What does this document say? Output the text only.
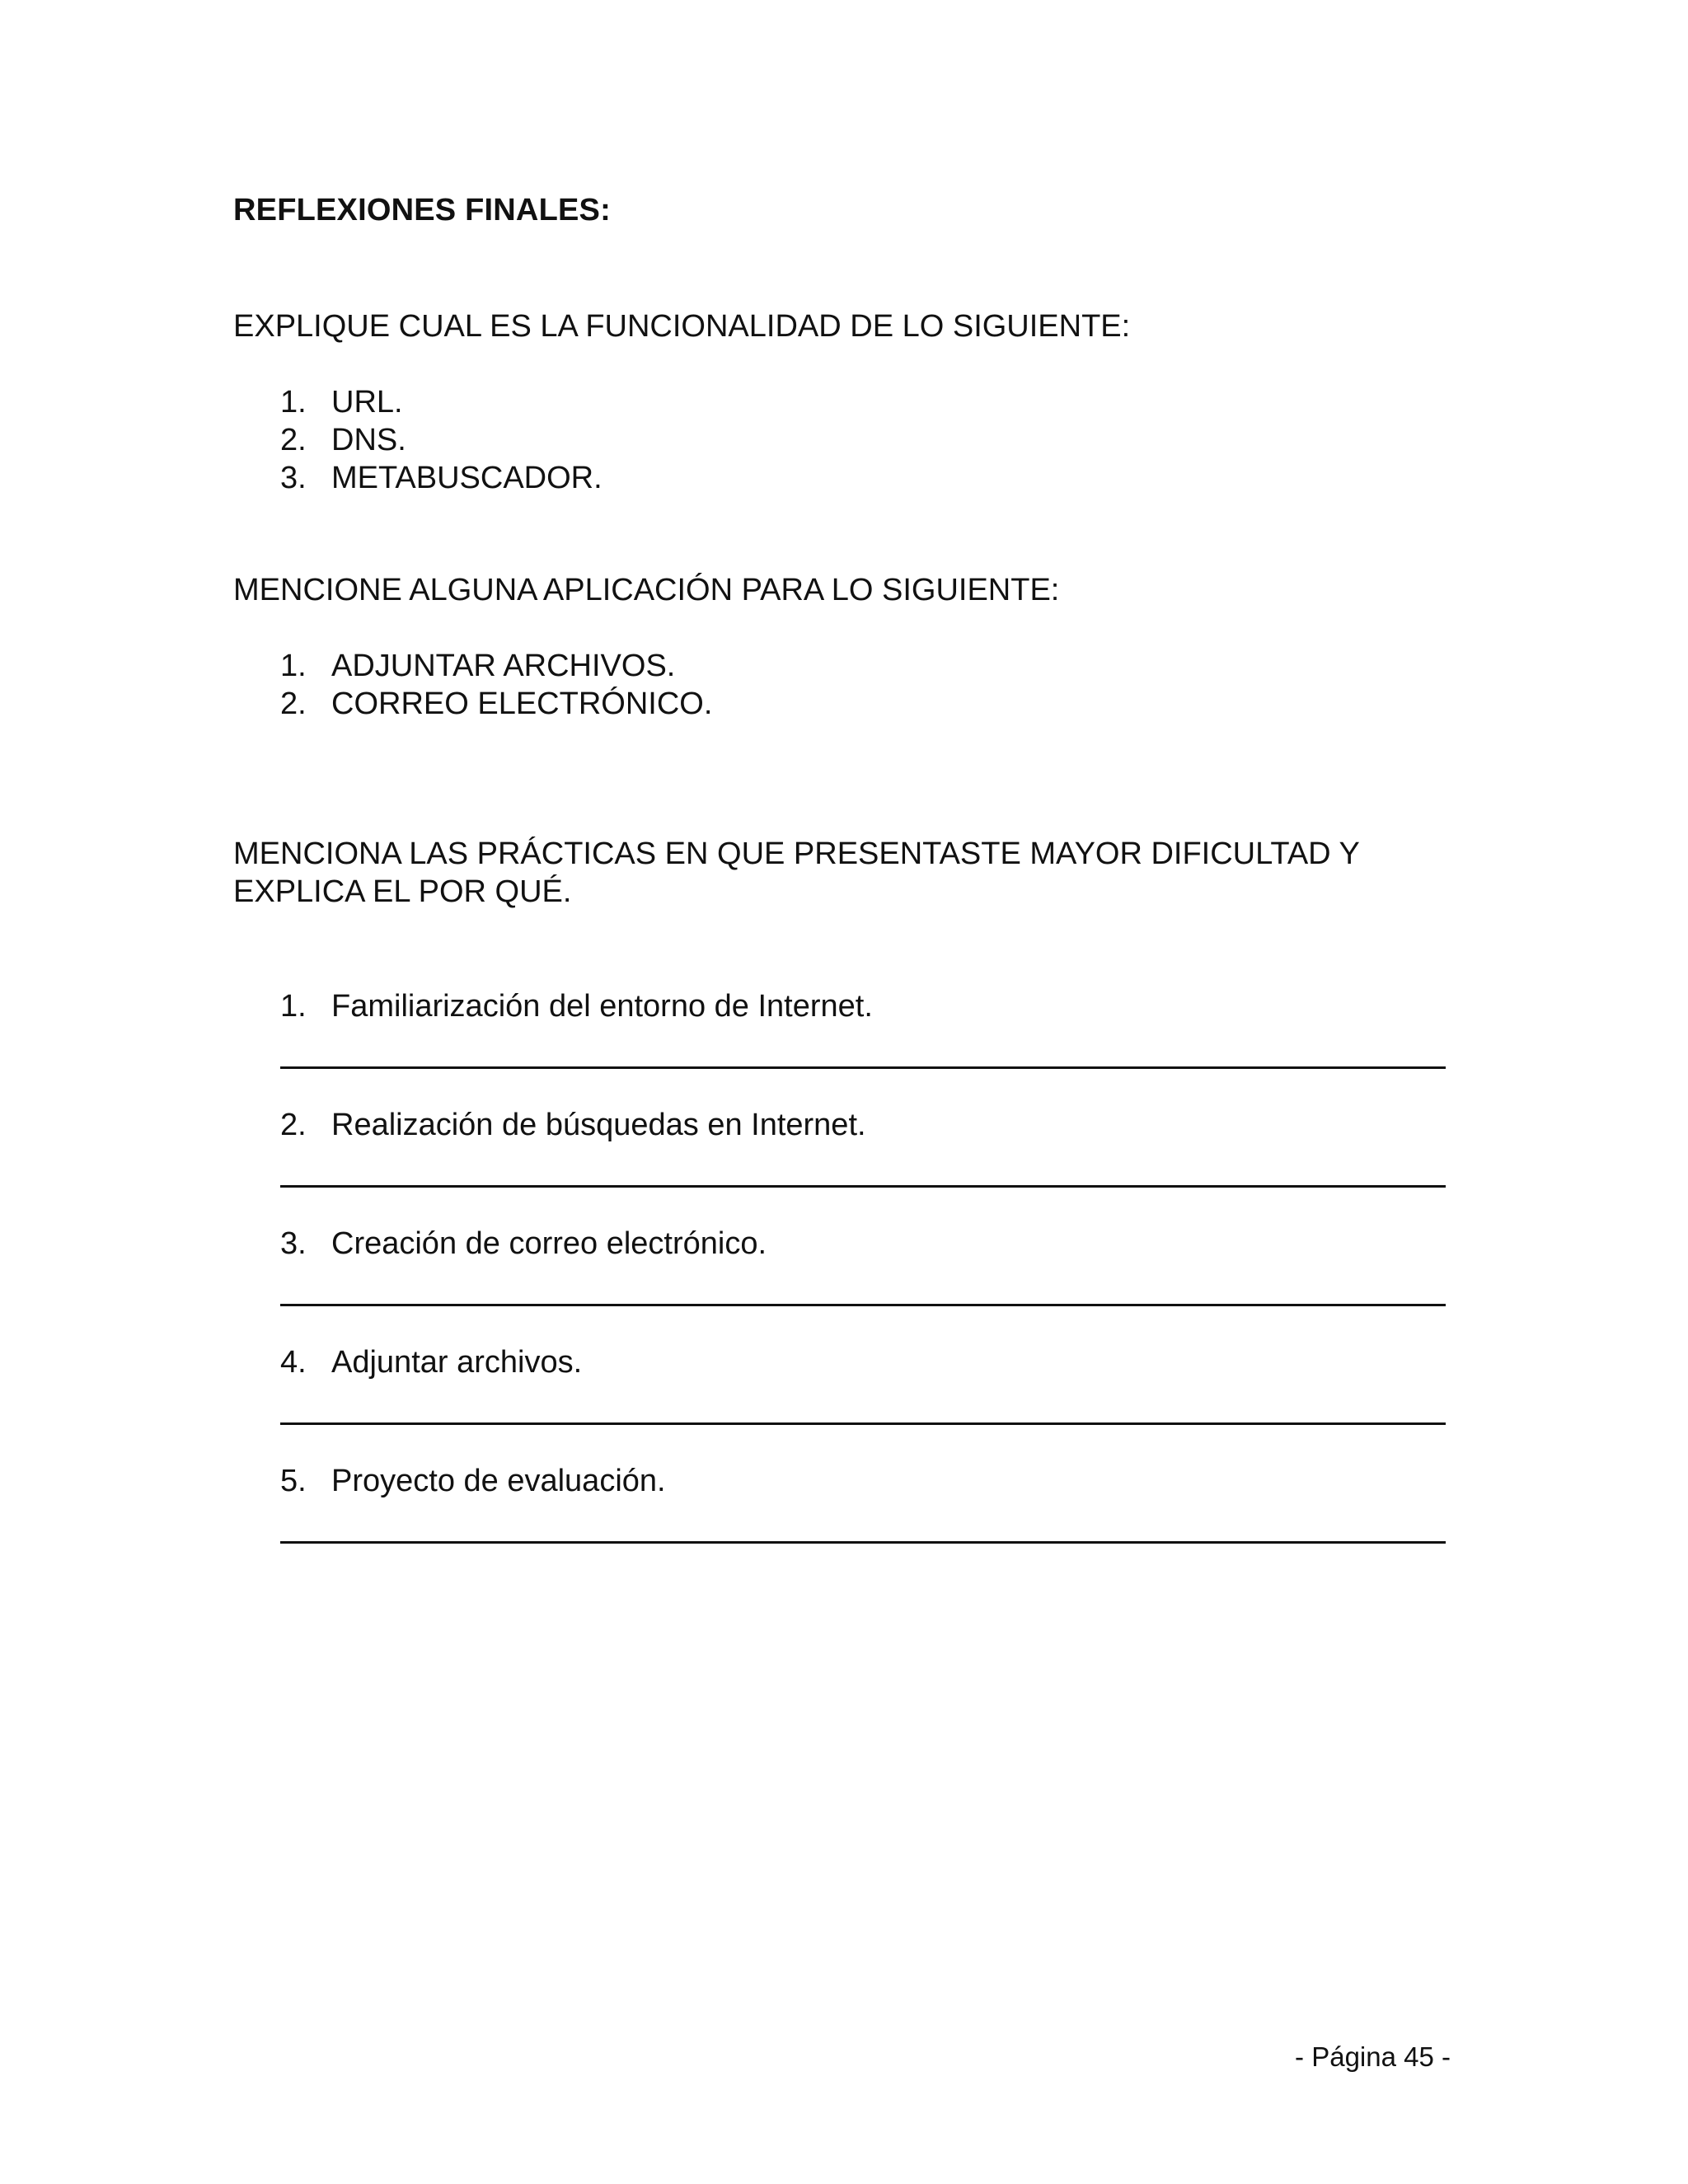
REFLEXIONES FINALES:
EXPLIQUE CUAL ES LA FUNCIONALIDAD DE LO SIGUIENTE:
1. URL.
2. DNS.
3. METABUSCADOR.
MENCIONE ALGUNA APLICACIÓN PARA LO SIGUIENTE:
1. ADJUNTAR ARCHIVOS.
2. CORREO ELECTRÓNICO.
MENCIONA LAS PRÁCTICAS EN QUE PRESENTASTE MAYOR DIFICULTAD Y EXPLICA EL POR QUÉ.
1. Familiarización del entorno de Internet.
2. Realización de búsquedas en Internet.
3. Creación de correo electrónico.
4. Adjuntar archivos.
5. Proyecto de evaluación.
- Página 45 -
